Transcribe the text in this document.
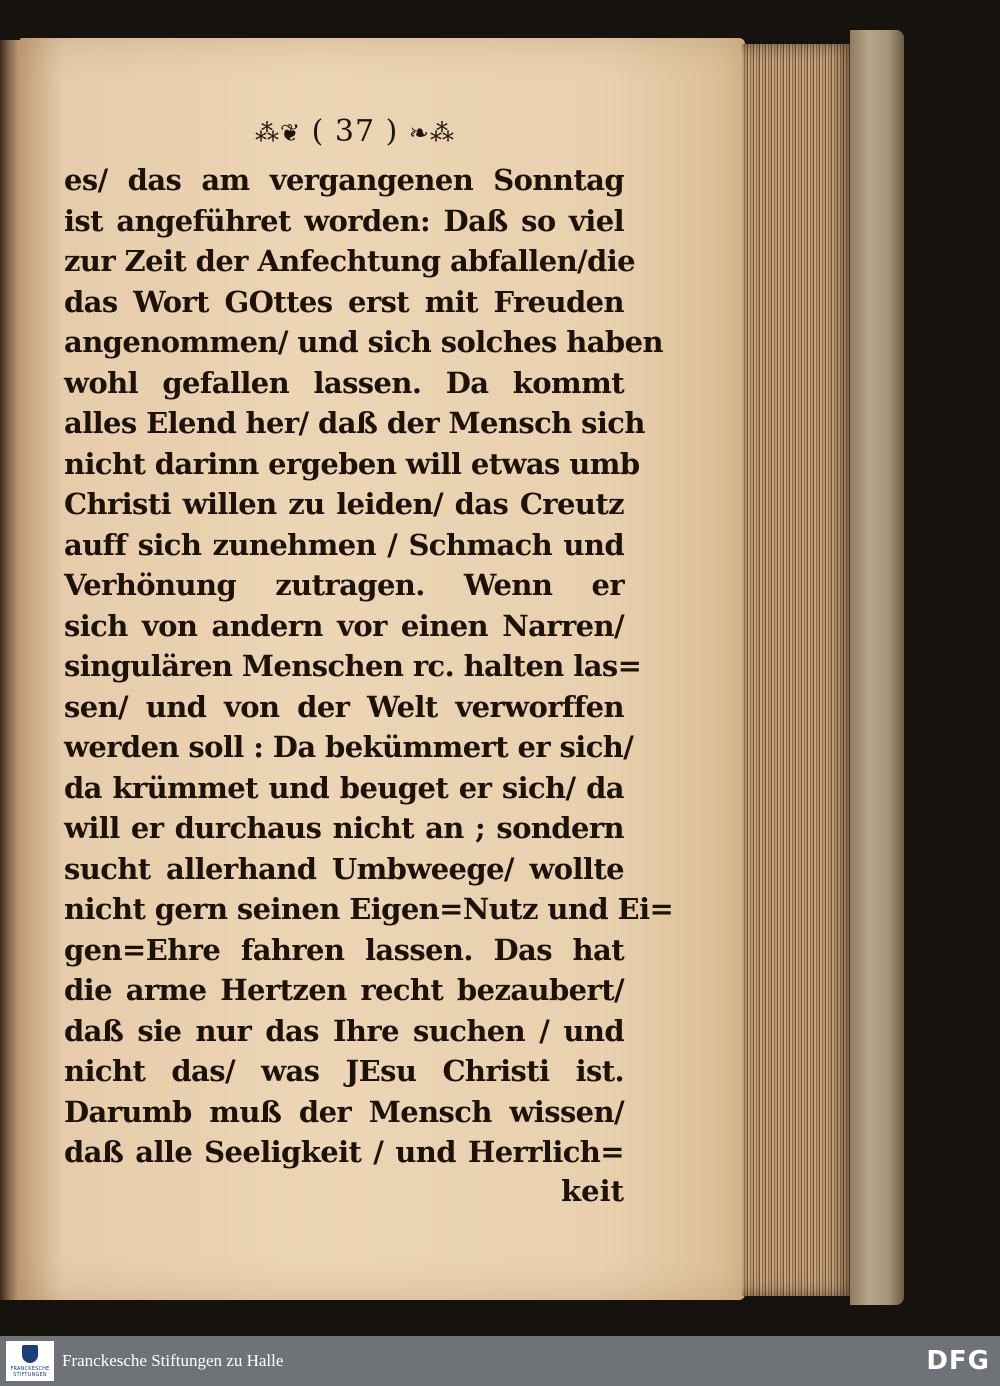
⁂❦ ( 37 ) ❧⁂
es/ das am vergangenen Sonntag
ist angeführet worden: Daß so viel
zur Zeit der Anfechtung abfallen/die
das Wort GOttes erst mit Freuden
angenommen/ und sich solches haben
wohl gefallen lassen. Da kommt
alles Elend her/ daß der Mensch sich
nicht darinn ergeben will etwas umb
Christi willen zu leiden/ das Creutz
auff sich zunehmen / Schmach und
Verhönung zutragen. Wenn er
sich von andern vor einen Narren/
singulären Menschen rc. halten las=
sen/ und von der Welt verworffen
werden soll : Da bekümmert er sich/
da krümmet und beuget er sich/ da
will er durchaus nicht an ; sondern
sucht allerhand Umbweege/ wollte
nicht gern seinen Eigen=Nutz und Ei=
gen=Ehre fahren lassen. Das hat
die arme Hertzen recht bezaubert/
daß sie nur das Ihre suchen / und
nicht das/ was JEsu Christi ist.
Darumb muß der Mensch wissen/
daß alle Seeligkeit / und Herrlich=
keit
FRANCKESCHE STIFTUNGEN
Franckesche Stiftungen zu Halle	DFG
